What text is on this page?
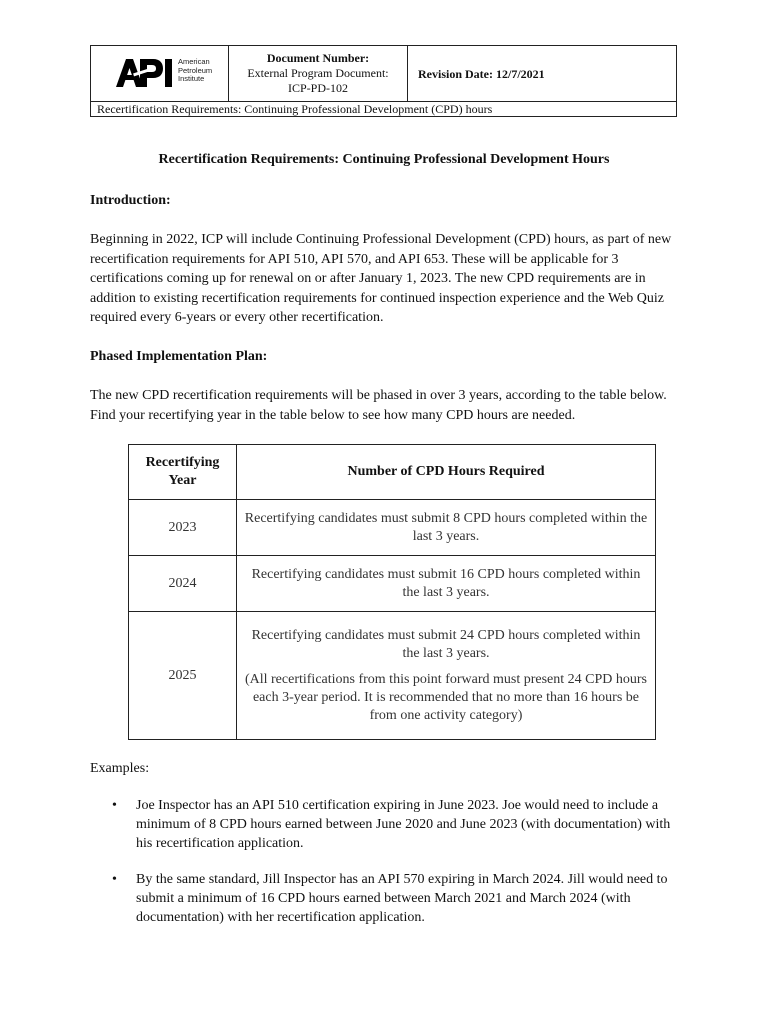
American
Petroleum
Institute
Document Number:
External Program Document:
ICP-PD-102
Revision Date: 12/7/2021
Recertification Requirements: Continuing Professional Development (CPD) hours
Recertification Requirements: Continuing Professional Development Hours
Introduction:

Beginning in 2022, ICP will include Continuing Professional Development (CPD) hours, as part of new recertification requirements for API 510, API 570, and API 653. These will be applicable for 3 certifications coming up for renewal on or after January 1, 2023. The new CPD requirements are in addition to existing recertification requirements for continued inspection experience and the Web Quiz required every 6-years or every other recertification.

Phased Implementation Plan:

The new CPD recertification requirements will be phased in over 3 years, according to the table below. Find your recertifying year in the table below to see how many CPD hours are needed.

Recertifying Year	Number of CPD Hours Required
2023	Recertifying candidates must submit 8 CPD hours completed within the last 3 years.
2024	Recertifying candidates must submit 16 CPD hours completed within the last 3 years.
2025	Recertifying candidates must submit 24 CPD hours completed within the last 3 years.
(All recertifications from this point forward must present 24 CPD hours each 3-year period. It is recommended that no more than 16 hours be from one activity category)
Examples:
• Joe Inspector has an API 510 certification expiring in June 2023. Joe would need to include a minimum of 8 CPD hours earned between June 2020 and June 2023 (with documentation) with his recertification application.
• By the same standard, Jill Inspector has an API 570 expiring in March 2024. Jill would need to submit a minimum of 16 CPD hours earned between March 2021 and March 2024 (with documentation) with her recertification application.
